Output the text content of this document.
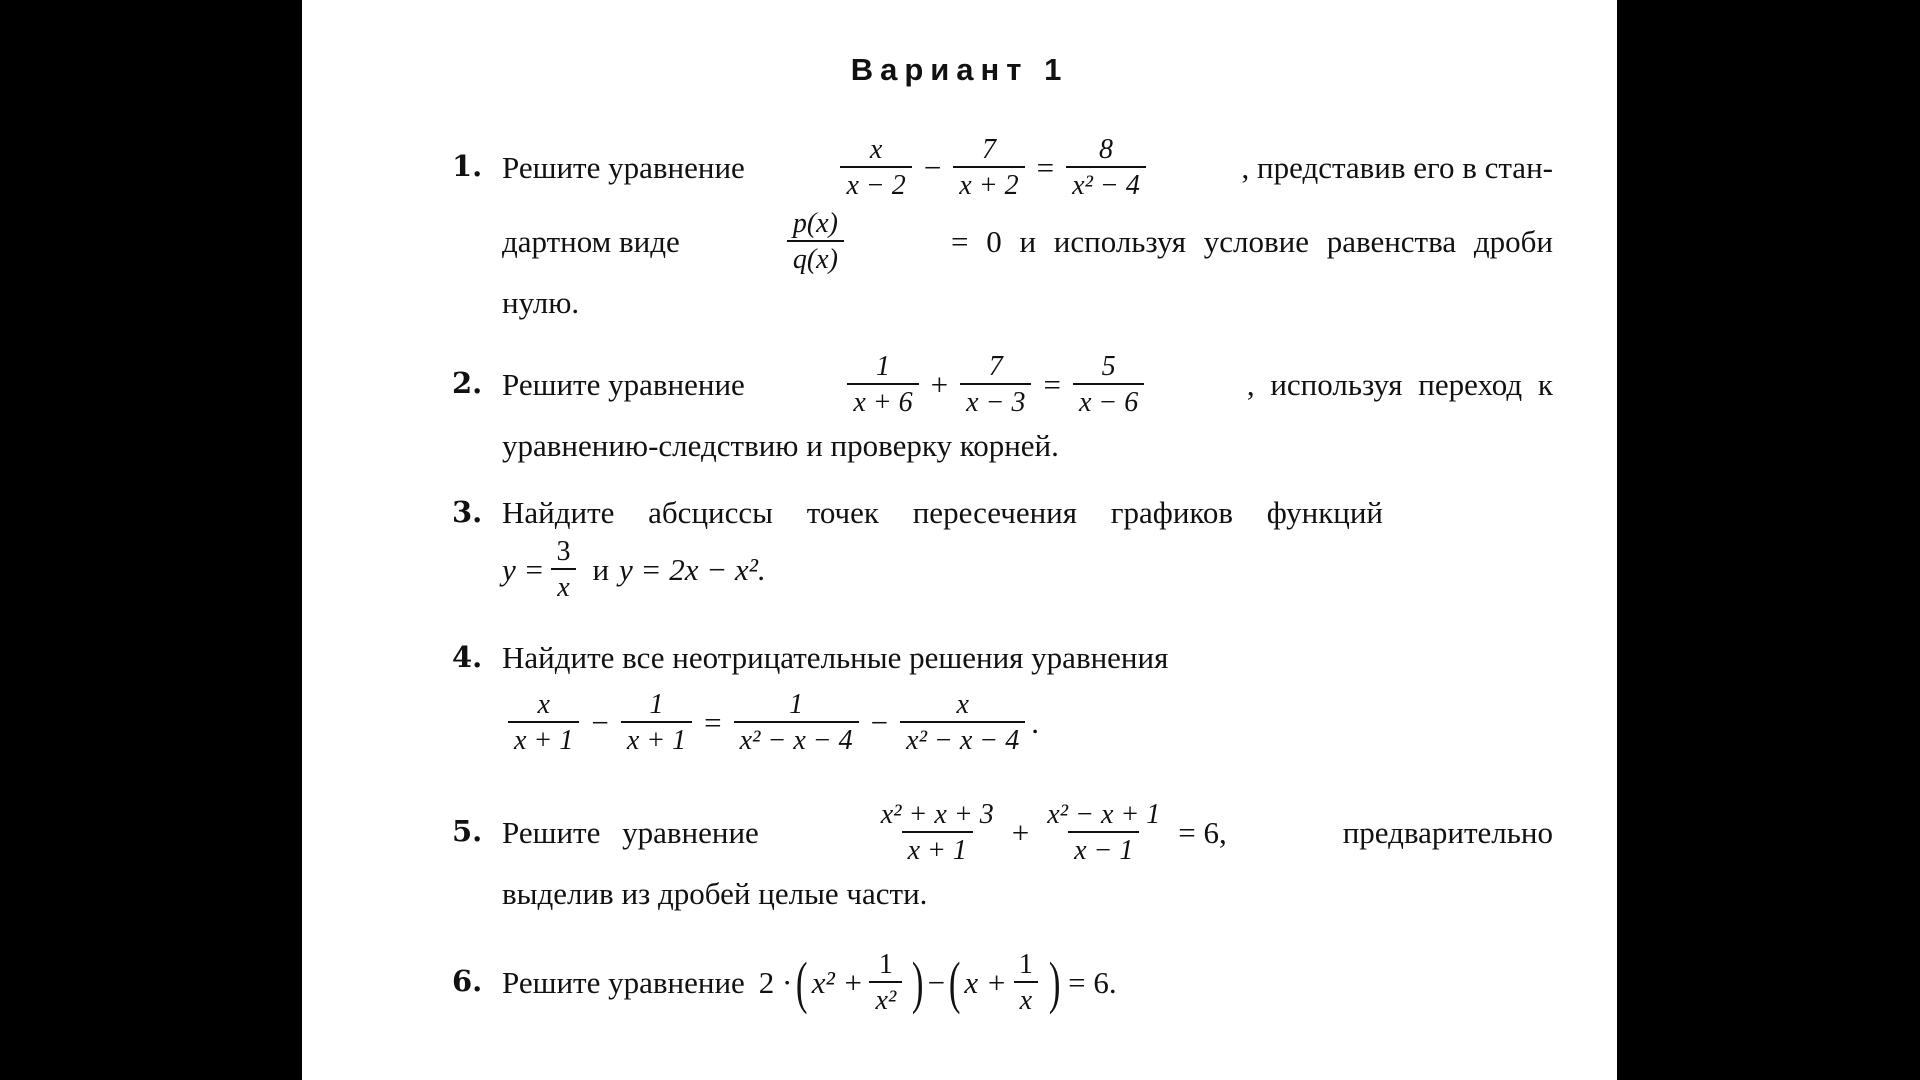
Вариант 1
1. Решите уравнение	$\frac{x}{x - 2} - \frac{7}{x + 2} = \frac{8}{\text{x² − 4}}$	, представив его в стан-
дартном виде	$\frac{p(x)}{q(x)}$	= 0 и используя условие равенства дроби
нулю.
2. Решите уравнение	$\frac{1}{x + 6} + \frac{7}{x - 3} = \frac{5}{x - 6}$	, используя переход к
уравнению-следствию и проверку корней.
3. Найдите абсциссы точек пересечения графиков функций
$y = \frac{3}{x}$ и y = 2x − x².
4. Найдите все неотрицательные решения уравнения
$\frac{x}{x + 1} - \frac{1}{x + 1} = \frac{1}{\text{x² − x − 4}} - \frac{x}{\text{x² − x − 4}}$ .
5. Решите уравнение	$\frac{\text{x² + x + 3}}{x + 1} + \frac{\text{x² − x + 1}}{x - 1} = 6$,	предварительно
выделив из дробей целые части.
6. Решите уравнение 2 · ( $x^2 + \frac{1}{\text{x²}}$ ) − ( $x + \frac{1}{x}$ ) = 6.
